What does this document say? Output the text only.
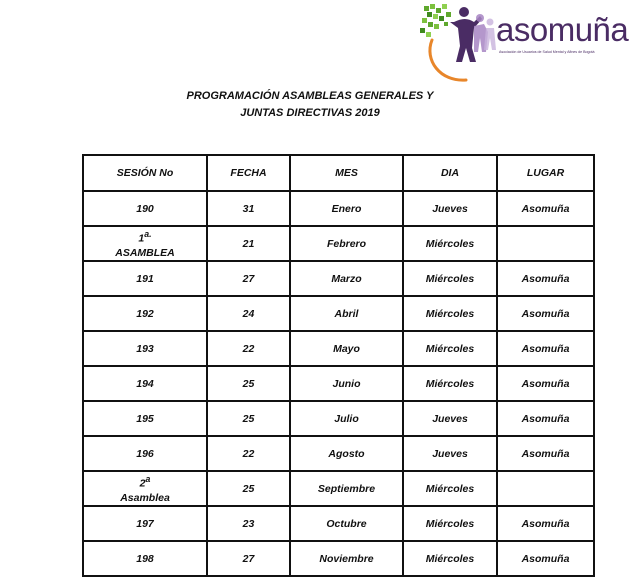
asomuña
Asociación de Usuarios de Salud Mental y Afines de Bogotá
PROGRAMACIÓN ASAMBLEAS GENERALES Y
JUNTAS DIRECTIVAS 2019
SESIÓN No	FECHA	MES	DIA	LUGAR
190	31	Enero	Jueves	Asomuña
$1^{a.}$
ASAMBLEA	21	Febrero	Miércoles	
191	27	Marzo	Miércoles	Asomuña
192	24	Abril	Miércoles	Asomuña
193	22	Mayo	Miércoles	Asomuña
194	25	Junio	Miércoles	Asomuña
195	25	Julio	Jueves	Asomuña
196	22	Agosto	Jueves	Asomuña
2$^a$
Asamblea	25	Septiembre	Miércoles	
197	23	Octubre	Miércoles	Asomuña
198	27	Noviembre	Miércoles	Asomuña
